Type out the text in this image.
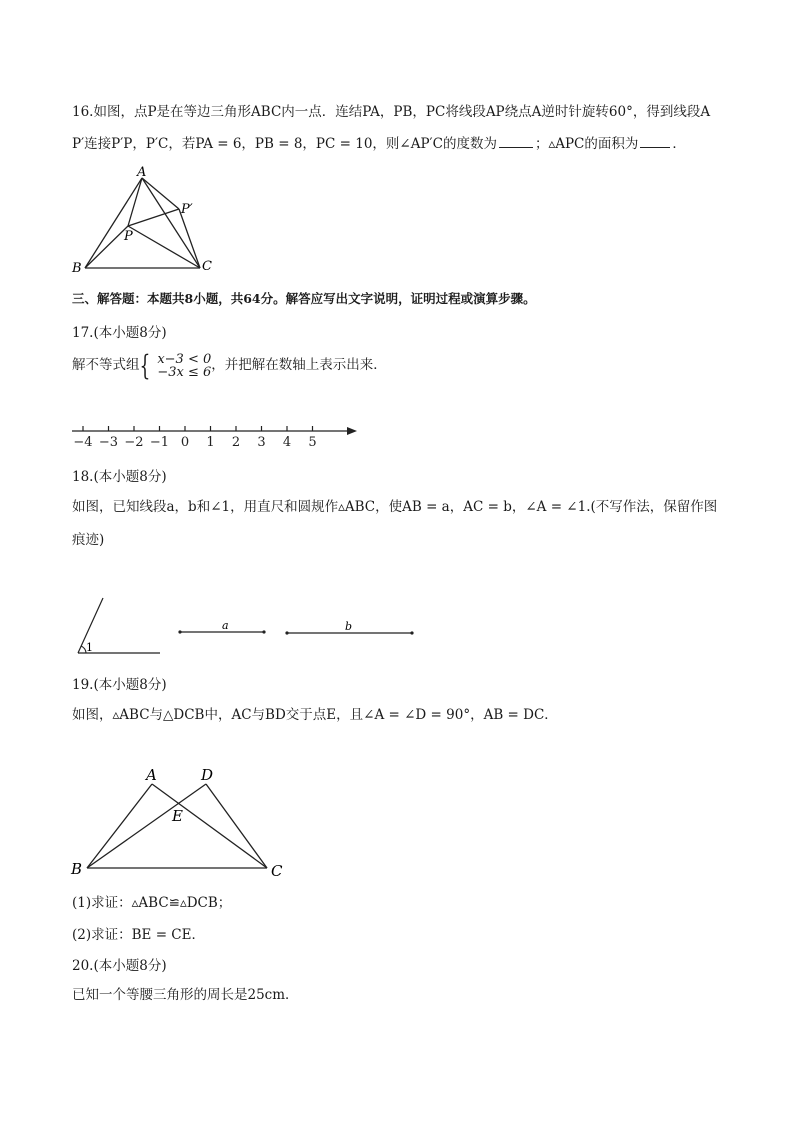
16.如图，点P是在等边三角形ABC内一点．连结PA，PB，PC将线段AP绕点A逆时针旋转60°，得到线段A
P′连接P′P，P′C，若PA = 6，PB = 8，PC = 10，则∠AP′C的度数为	；▵APC的面积为	．
A
B	C
P
P′
三、解答题：本题共8小题，共64分。解答应写出文字说明，证明过程或演算步骤。
17.(本小题8分)
解不等式组{ x−3 < 0
−3x ≤ 6 ，并把解在数轴上表示出来．
−4 −3 −2 −1 0 1 2 3 4 5
18.(本小题8分)
如图，已知线段a，b和∠1，用直尺和圆规作▵ABC，使AB = a，AC = b，∠A = ∠1.(不写作法，保留作图
痕迹)
1
a	b
19.(本小题8分)
如图，▵ABC与△DCB中，AC与BD交于点E，且∠A = ∠D = 90°，AB = DC．
A	D
E
B	C
(1)求证：▵ABC≌▵DCB；
(2)求证：BE = CE．
20.(本小题8分)
已知一个等腰三角形的周长是25cm．
